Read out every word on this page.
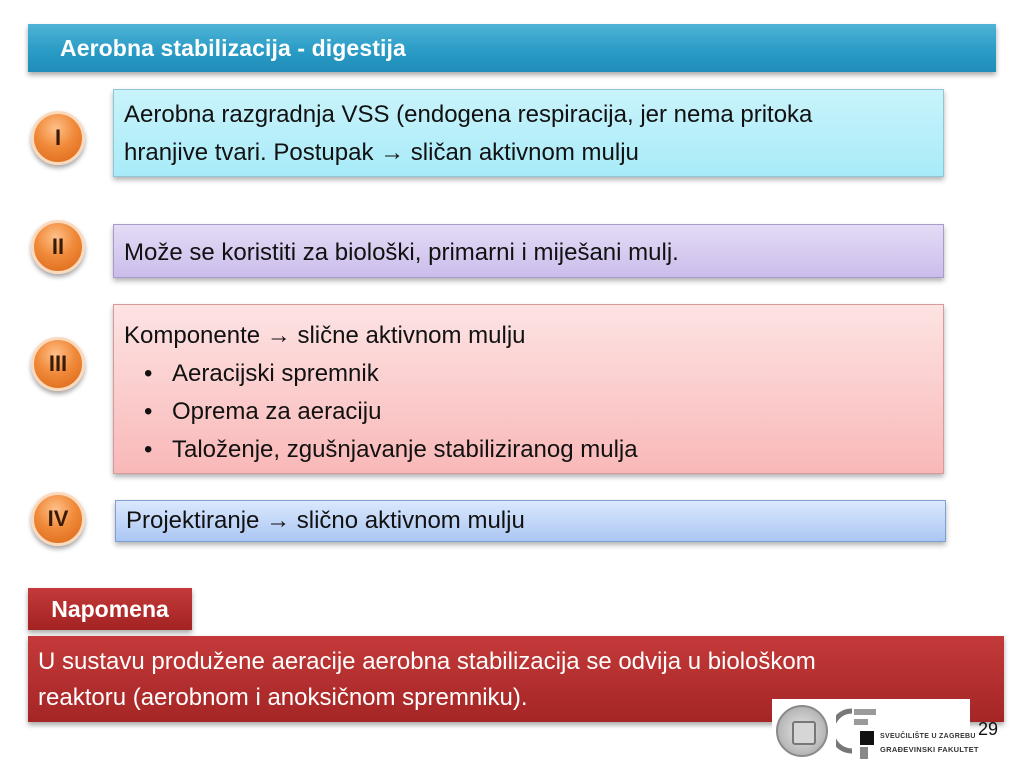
Aerobna stabilizacija - digestija
I
Aerobna razgradnja VSS (endogena respiracija, jer nema pritoka
hranjive tvari. Postupak → sličan aktivnom mulju
II Može se koristiti za biološki, primarni i miješani mulj.
III
Komponente → slične aktivnom mulju
• Aeracijski spremnik
• Oprema za aeraciju
• Taloženje, zgušnjavanje stabiliziranog mulja
IV Projektiranje → slično aktivnom mulju
Napomena
U sustavu produžene aeracije aerobna stabilizacija se odvija u biološkom
reaktoru (aerobnom i anoksičnom spremniku).
SVEUČILIŠTE U ZAGREBU
GRAĐEVINSKI FAKULTET
29
